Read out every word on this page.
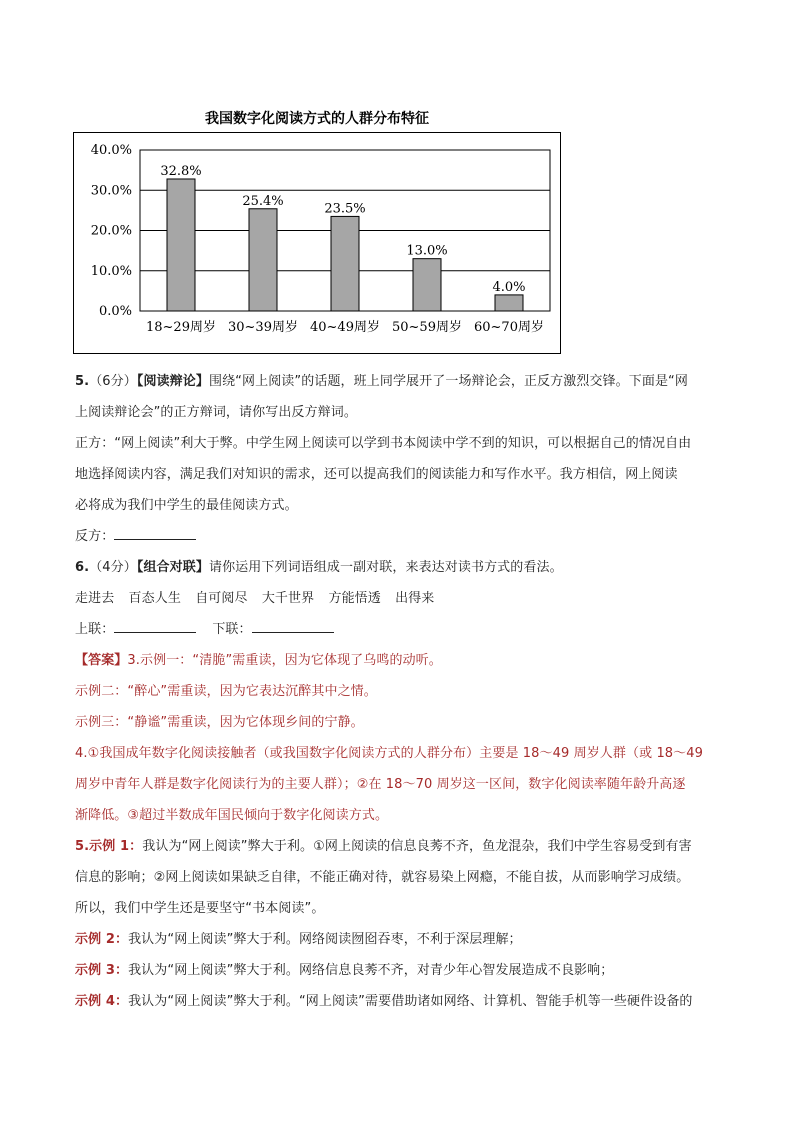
我国数字化阅读方式的人群分布特征
0.0%
10.0%
20.0%
30.0%
40.0%
32.8%
18~29周岁
25.4%
30~39周岁
23.5%
40~49周岁
13.0%
50~59周岁
4.0%
60~70周岁

5.（6分）【阅读辩论】围绕“网上阅读”的话题，班上同学展开了一场辩论会，正反方激烈交锋。下面是“网

上阅读辩论会”的正方辩词，请你写出反方辩词。

正方：“网上阅读”利大于弊。中学生网上阅读可以学到书本阅读中学不到的知识，可以根据自己的情况自由

地选择阅读内容，满足我们对知识的需求，还可以提高我们的阅读能力和写作水平。我方相信，网上阅读

必将成为我们中学生的最佳阅读方式。

反方：

6.（4分）【组合对联】请你运用下列词语组成一副对联，来表达对读书方式的看法。

走进去 百态人生 自可阅尽 大千世界 方能悟透 出得来

上联：	下联：

【答案】3.示例一：“清脆”需重读，因为它体现了乌鸣的动听。

示例二：“醉心”需重读，因为它表达沉醉其中之情。

示例三：“静谧”需重读，因为它体现乡间的宁静。

4.①我国成年数字化阅读接触者（或我国数字化阅读方式的人群分布）主要是 18～49 周岁人群（或 18～49

周岁中青年人群是数字化阅读行为的主要人群）；②在 18～70 周岁这一区间，数字化阅读率随年龄升高逐

渐降低。③超过半数成年国民倾向于数字化阅读方式。

5.示例 1：我认为“网上阅读”弊大于利。①网上阅读的信息良莠不齐，鱼龙混杂，我们中学生容易受到有害

信息的影响；②网上阅读如果缺乏自律，不能正确对待，就容易染上网瘾，不能自拔，从而影响学习成绩。

所以，我们中学生还是要坚守“书本阅读”。

示例 2：我认为“网上阅读”弊大于利。网络阅读囫囵吞枣，不利于深层理解；

示例 3：我认为“网上阅读”弊大于利。网络信息良莠不齐，对青少年心智发展造成不良影响；

示例 4：我认为“网上阅读”弊大于利。“网上阅读”需要借助诸如网络、计算机、智能手机等一些硬件设备的
